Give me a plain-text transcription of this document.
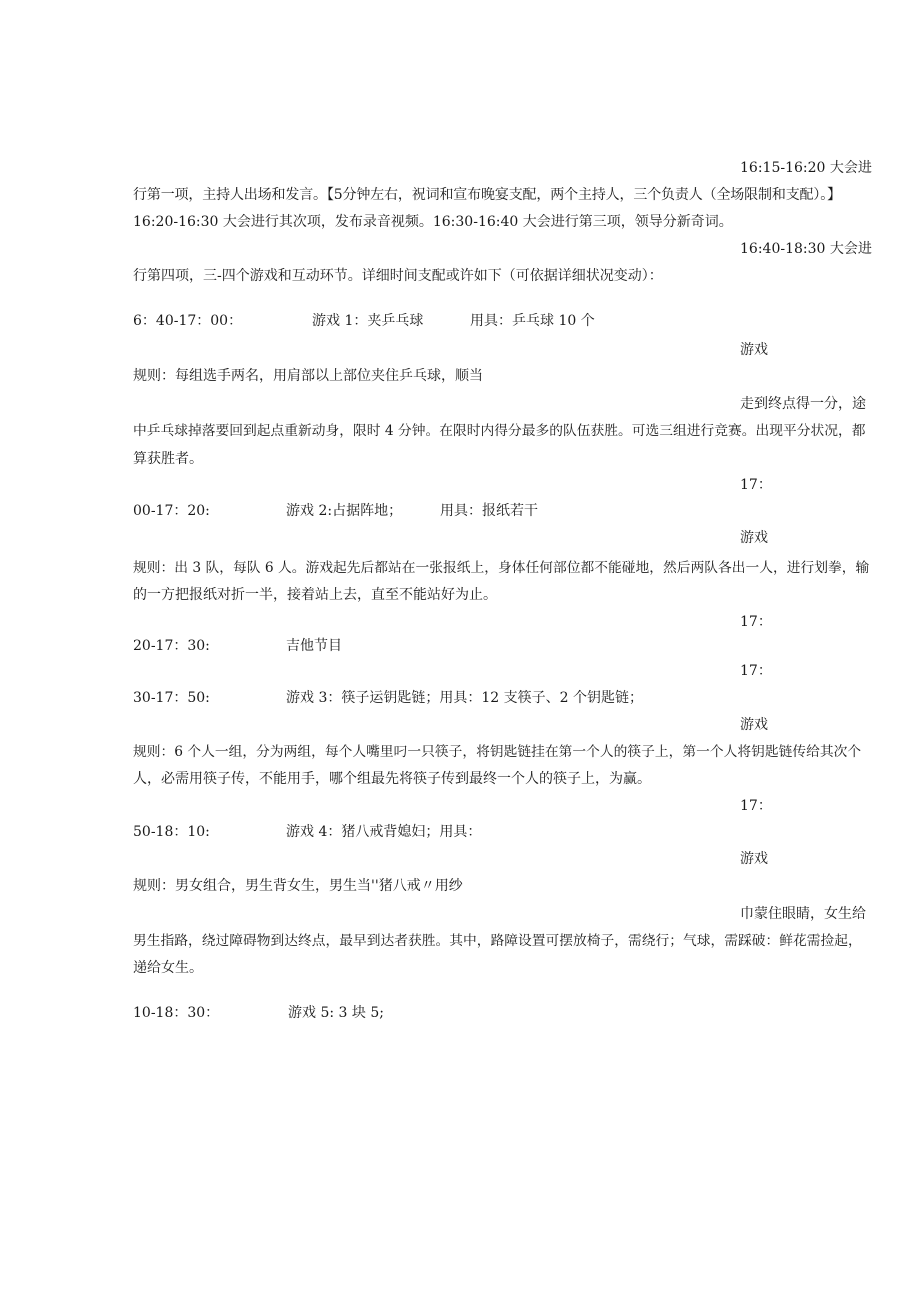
16:15-16:20 大会进
行第一项，主持人出场和发言。【5分钟左右，祝词和宣布晚宴支配，两个主持人，三个负责人（全场限制和支配）。】
16:20-16:30 大会进行其次项，发布录音视频。16:30-16:40 大会进行第三项，领导分新奇词。
16:40-18:30 大会进
行第四项，三-四个游戏和互动环节。详细时间支配或许如下（可依据详细状况变动）：
6：40-17：00：	游戏 1：夹乒乓球	用具：乒乓球 10 个
游戏
规则：每组选手两名，用肩部以上部位夹住乒乓球，顺当
走到终点得一分，途
中乒乓球掉落要回到起点重新动身，限时 4 分钟。在限时内得分最多的队伍获胜。可选三组进行竞赛。出现平分状况，都
算获胜者。
17：
00-17：20:	游戏 2:占据阵地；	用具：报纸若干
游戏
规则：出 3 队，每队 6 人。游戏起先后都站在一张报纸上，身体任何部位都不能碰地，然后两队各出一人，进行划拳，输
的一方把报纸对折一半，接着站上去，直至不能站好为止。
17：
20-17：30:	吉他节目
17：
30-17：50:	游戏 3：筷子运钥匙链；用具：12 支筷子、2 个钥匙链；
游戏
规则：6 个人一组，分为两组，每个人嘴里叼一只筷子，将钥匙链挂在第一个人的筷子上，第一个人将钥匙链传给其次个
人，必需用筷子传，不能用手，哪个组最先将筷子传到最终一个人的筷子上，为赢。
17：
50-18：10:	游戏 4：猪八戒背媳妇；用具：
游戏
规则：男女组合，男生背女生，男生当''猪八戒〃用纱
巾蒙住眼睛，女生给
男生指路，绕过障碍物到达终点，最早到达者获胜。其中，路障设置可摆放椅子，需绕行；气球，需踩破：鲜花需捡起，
递给女生。
10-18：30：	游戏 5: 3 块 5;
